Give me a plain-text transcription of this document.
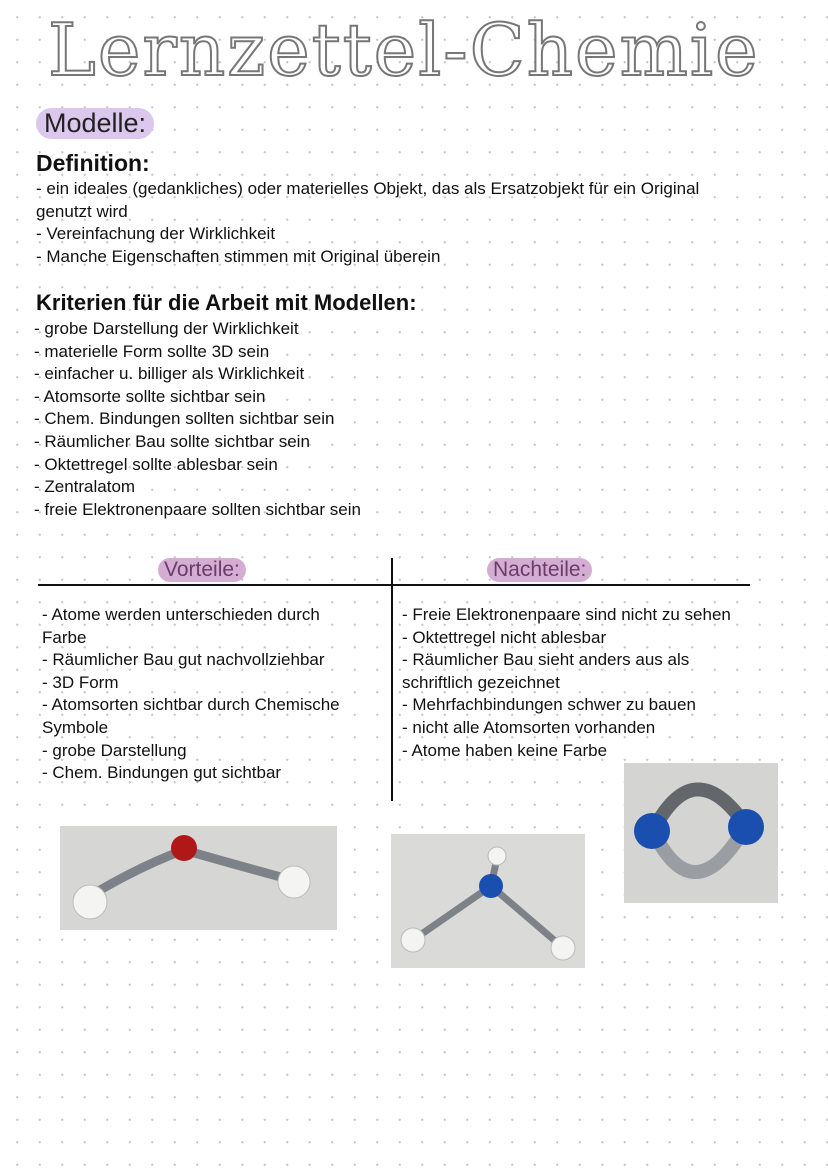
Lernzettel-Chemie
Modelle:
Definition:
- ein ideales (gedankliches) oder materielles Objekt, das als Ersatzobjekt für ein Original
genutzt wird
- Vereinfachung der Wirklichkeit
- Manche Eigenschaften stimmen mit Original überein
Kriterien für die Arbeit mit Modellen:
- grobe Darstellung der Wirklichkeit
- materielle Form sollte 3D sein
- einfacher u. billiger als Wirklichkeit
- Atomsorte sollte sichtbar sein
- Chem. Bindungen sollten sichtbar sein
- Räumlicher Bau sollte sichtbar sein
- Oktettregel sollte ablesbar sein
- Zentralatom
- freie Elektronenpaare sollten sichtbar sein
Vorteile:	Nachteile:
- Atome werden unterschieden durch
Farbe
- Räumlicher Bau gut nachvollziehbar
- 3D Form
- Atomsorten sichtbar durch Chemische
Symbole
- grobe Darstellung
- Chem. Bindungen gut sichtbar
- Freie Elektronenpaare sind nicht zu sehen
- Oktettregel nicht ablesbar
- Räumlicher Bau sieht anders aus als
schriftlich gezeichnet
- Mehrfachbindungen schwer zu bauen
- nicht alle Atomsorten vorhanden
- Atome haben keine Farbe
